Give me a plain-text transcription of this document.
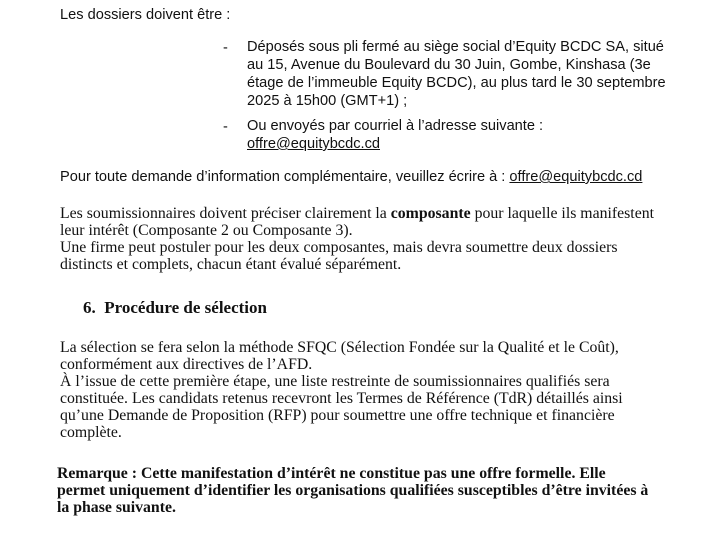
Les dossiers doivent être :
- Déposés sous pli fermé au siège social d’Equity BCDC SA, situé
au 15, Avenue du Boulevard du 30 Juin, Gombe, Kinshasa (3e
étage de l’immeuble Equity BCDC), au plus tard le 30 septembre
2025 à 15h00 (GMT+1) ;
- Ou envoyés par courriel à l’adresse suivante :
offre@equitybcdc.cd
Pour toute demande d’information complémentaire, veuillez écrire à : offre@equitybcdc.cd
Les soumissionnaires doivent préciser clairement la composante pour laquelle ils manifestent
leur intérêt (Composante 2 ou Composante 3).
Une firme peut postuler pour les deux composantes, mais devra soumettre deux dossiers
distincts et complets, chacun étant évalué séparément.
6. Procédure de sélection
La sélection se fera selon la méthode SFQC (Sélection Fondée sur la Qualité et le Coût),
conformément aux directives de l’AFD.
À l’issue de cette première étape, une liste restreinte de soumissionnaires qualifiés sera
constituée. Les candidats retenus recevront les Termes de Référence (TdR) détaillés ainsi
qu’une Demande de Proposition (RFP) pour soumettre une offre technique et financière
complète.
Remarque : Cette manifestation d’intérêt ne constitue pas une offre formelle. Elle
permet uniquement d’identifier les organisations qualifiées susceptibles d’être invitées à
la phase suivante.
